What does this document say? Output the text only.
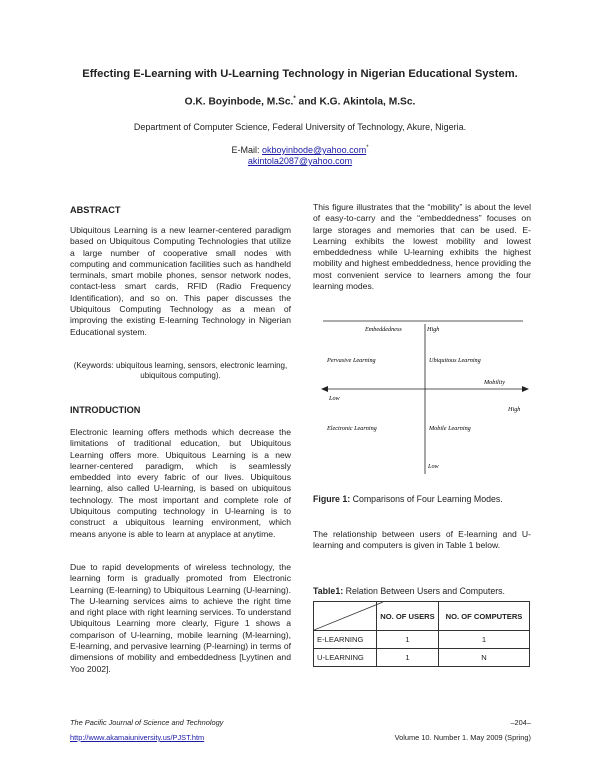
Effecting E-Learning with U-Learning Technology in Nigerian Educational System.
O.K. Boyinbode, M.Sc.* and K.G. Akintola, M.Sc.
Department of Computer Science, Federal University of Technology, Akure, Nigeria.
E-Mail: okboyinbode@yahoo.com*
akintola2087@yahoo.com
ABSTRACT
Ubiquitous Learning is a new learner-centered paradigm based on Ubiquitous Computing Technologies that utilize a large number of cooperative small nodes with computing and communication facilities such as handheld terminals, smart mobile phones, sensor network nodes, contact-less smart cards, RFID (Radio Frequency Identification), and so on. This paper discusses the Ubiquitous Computing Technology as a mean of improving the existing E-learning Technology in Nigerian Educational system.
(Keywords: ubiquitous learning, sensors, electronic learning, ubiquitous computing).
INTRODUCTION
Electronic learning offers methods which decrease the limitations of traditional education, but Ubiquitous Learning offers more. Ubiquitous Learning is a new learner-centered paradigm, which is seamlessly embedded into every fabric of our lives. Ubiquitous learning, also called U-learning, is based on ubiquitous technology. The most important and complete role of Ubiquitous computing technology in U-learning is to construct a ubiquitous learning environment, which means anyone is able to learn at anyplace at anytime.
Due to rapid developments of wireless technology, the learning form is gradually promoted from Electronic Learning (E-learning) to Ubiquitous Learning (U-learning). The U-learning services aims to achieve the right time and right place with right learning services. To understand Ubiquitous Learning more clearly, Figure 1 shows a comparison of U-learning, mobile learning (M-learning), E-learning, and pervasive learning (P-learning) in terms of dimensions of mobility and embeddedness [Lyytinen and Yoo 2002].
This figure illustrates that the “mobility” is about the level of easy-to-carry and the “embeddedness” focuses on large storages and memories that can be used. E-Learning exhibits the lowest mobility and lowest embeddedness while U-learning exhibits the highest mobility and highest embeddedness, hence providing the most convenient service to learners among the four learning modes.
Embeddedness	High
Pervasive Learning	Ubiquitous Learning
Mobility
Low
High
Electronic Learning	Mobile Learning
Low
Figure 1: Comparisons of Four Learning Modes.
The relationship between users of E-learning and U-learning and computers is given in Table 1 below.
Table1: Relation Between Users and Computers.
	NO. OF USERS	NO. OF COMPUTERS
E-LEARNING	1	1
U-LEARNING	1	N
The Pacific Journal of Science and Technology
http://www.akamaiuniversity.us/PJST.htm
–204–
Volume 10. Number 1. May 2009 (Spring)
